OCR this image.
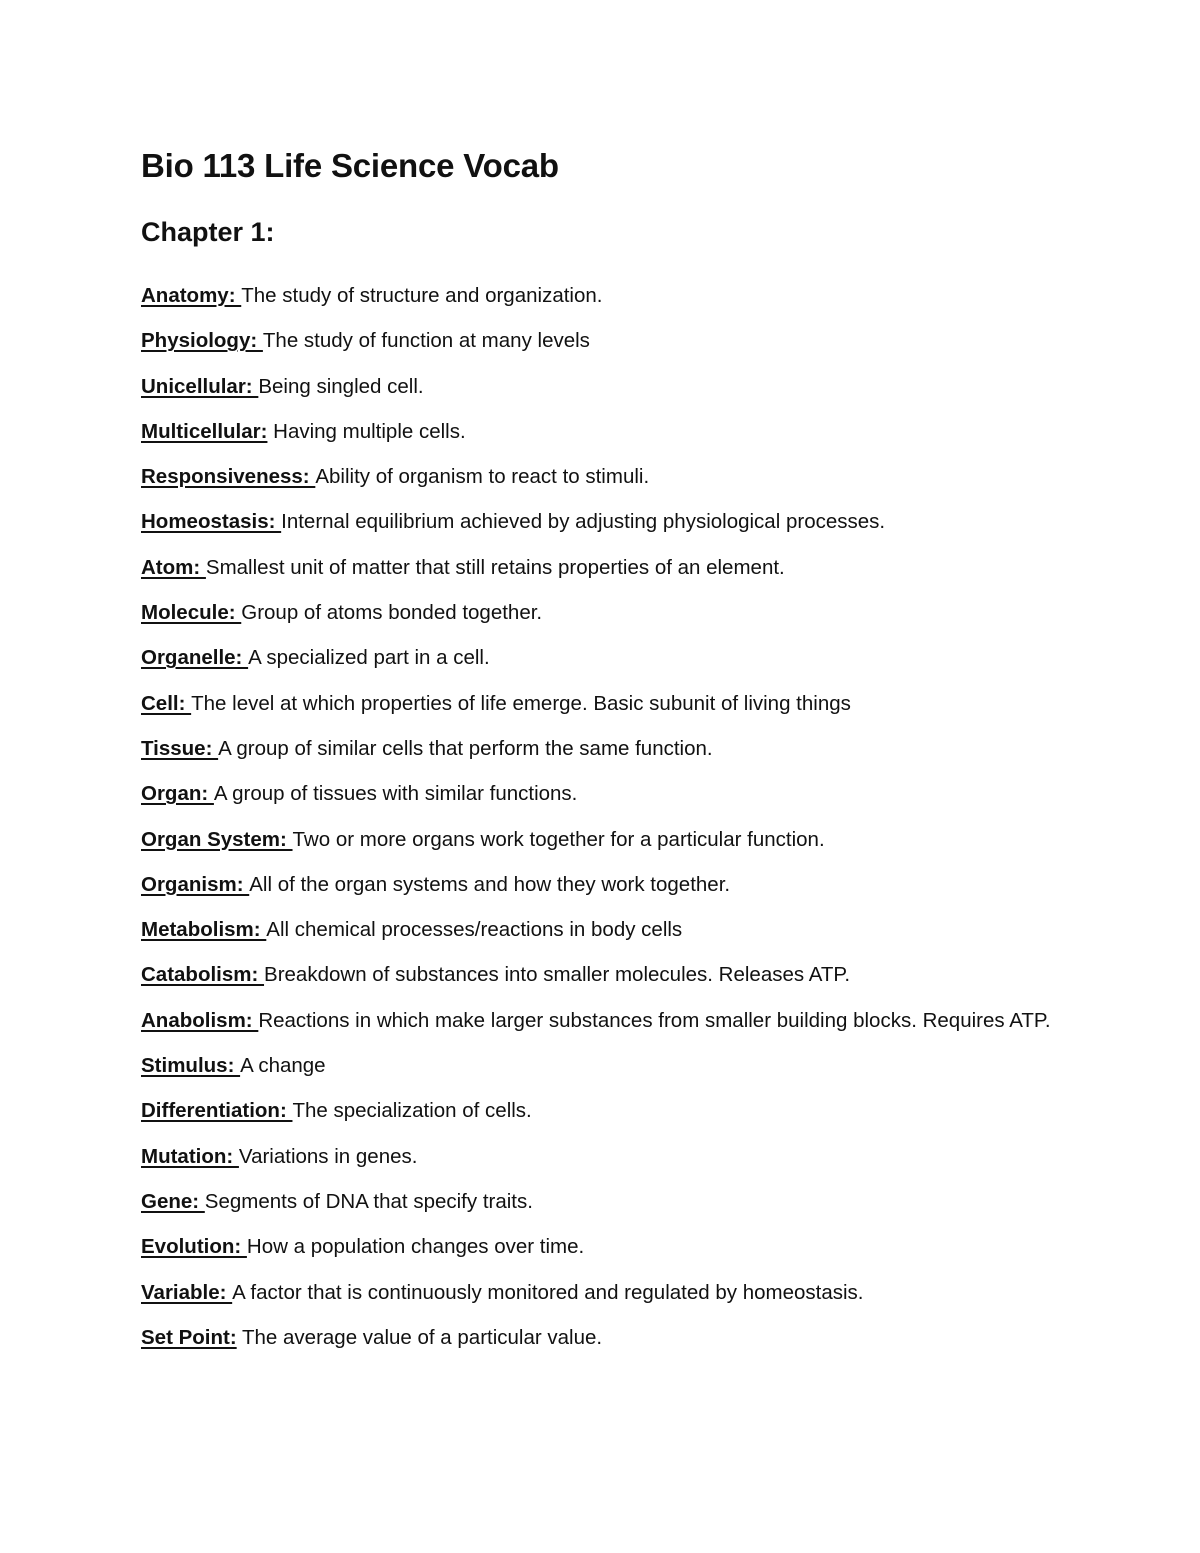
Bio 113 Life Science Vocab
Chapter 1:
Anatomy: The study of structure and organization.
Physiology: The study of function at many levels
Unicellular: Being singled cell.
Multicellular: Having multiple cells.
Responsiveness: Ability of organism to react to stimuli.
Homeostasis: Internal equilibrium achieved by adjusting physiological processes.
Atom: Smallest unit of matter that still retains properties of an element.
Molecule: Group of atoms bonded together.
Organelle: A specialized part in a cell.
Cell: The level at which properties of life emerge. Basic subunit of living things
Tissue: A group of similar cells that perform the same function.
Organ: A group of tissues with similar functions.
Organ System: Two or more organs work together for a particular function.
Organism: All of the organ systems and how they work together.
Metabolism: All chemical processes/reactions in body cells
Catabolism: Breakdown of substances into smaller molecules. Releases ATP.
Anabolism: Reactions in which make larger substances from smaller building blocks. Requires ATP.
Stimulus: A change
Differentiation: The specialization of cells.
Mutation: Variations in genes.
Gene: Segments of DNA that specify traits.
Evolution: How a population changes over time.
Variable: A factor that is continuously monitored and regulated by homeostasis.
Set Point: The average value of a particular value.
